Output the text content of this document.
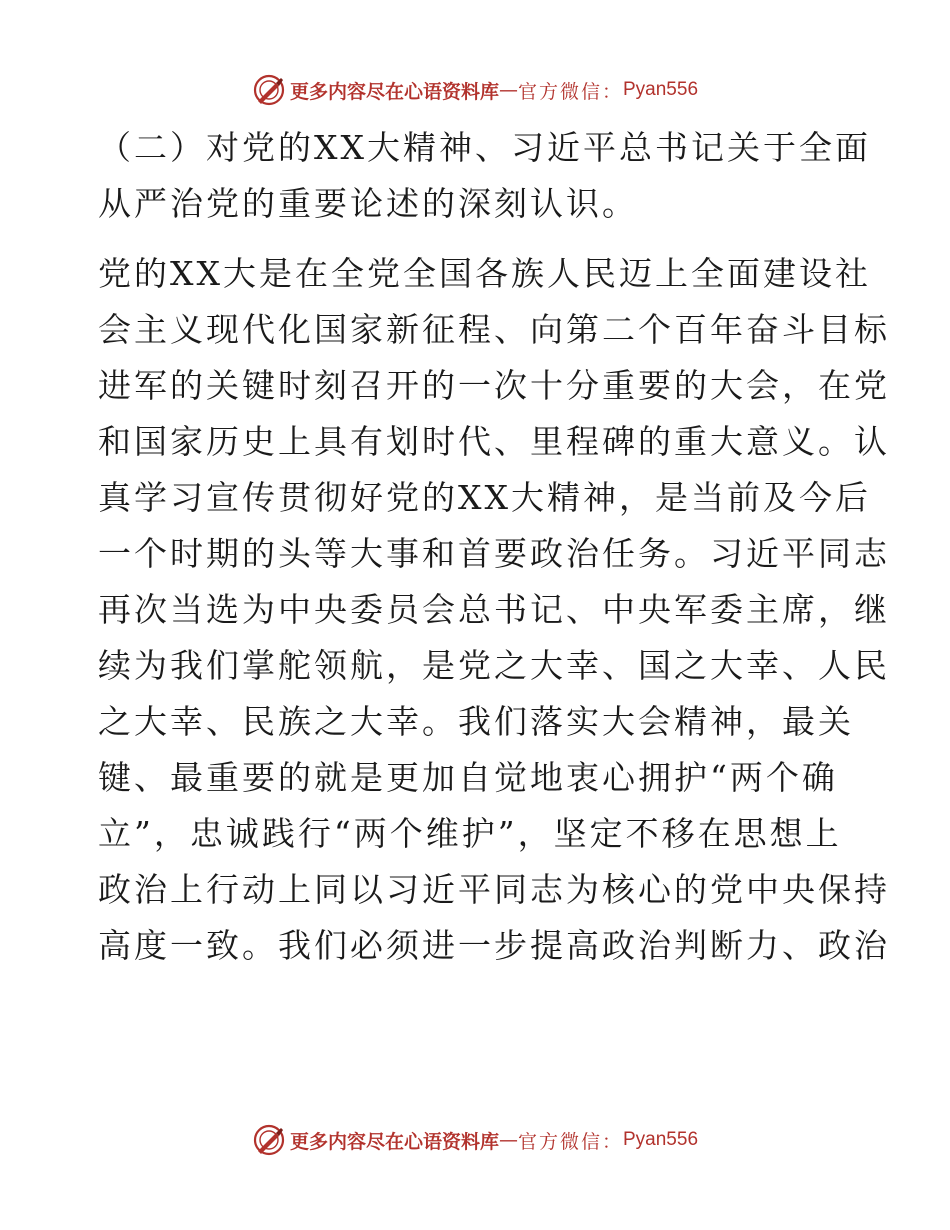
更多内容尽在心语资料库 — 官方微信： Pyan556
（二）对党的XX大精神、习近平总书记关于全面
从严治党的重要论述的深刻认识。
党的XX大是在全党全国各族人民迈上全面建设社
会主义现代化国家新征程、向第二个百年奋斗目标
进军的关键时刻召开的一次十分重要的大会，在党
和国家历史上具有划时代、里程碑的重大意义。认
真学习宣传贯彻好党的XX大精神，是当前及今后
一个时期的头等大事和首要政治任务。习近平同志
再次当选为中央委员会总书记、中央军委主席，继
续为我们掌舵领航，是党之大幸、国之大幸、人民
之大幸、民族之大幸。我们落实大会精神，最关
键、最重要的就是更加自觉地衷心拥护“两个确
立”，忠诚践行“两个维护”，坚定不移在思想上
政治上行动上同以习近平同志为核心的党中央保持
高度一致。我们必须进一步提高政治判断力、政治
更多内容尽在心语资料库 — 官方微信： Pyan556
